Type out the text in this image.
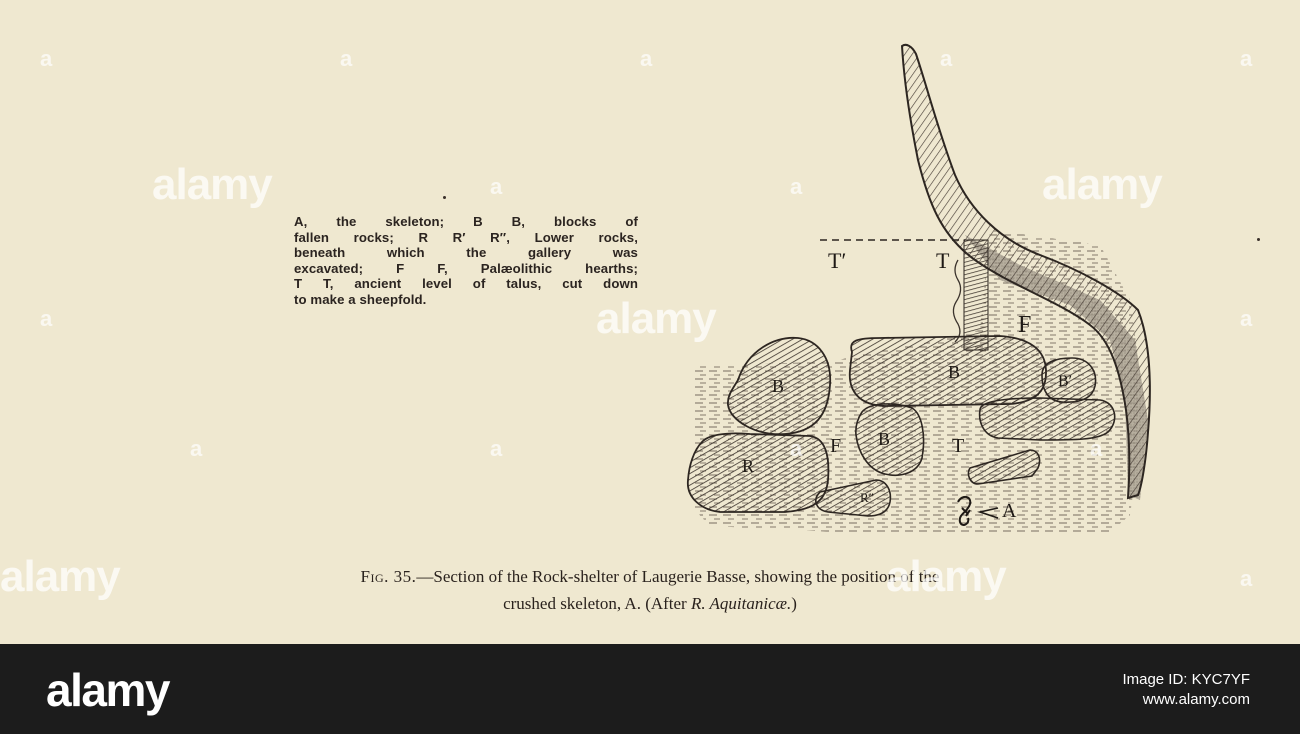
A, the skeleton; B B, blocks of
fallen rocks; R R′ R″, Lower rocks,
beneath which the gallery was
excavated; F F, Palæolithic hearths;
T T, ancient level of talus, cut down
to make a sheepfold.
T′	T
F
B
B	B′
B
F	T
R
R″
A
Fig. 35.—Section of the Rock-shelter of Laugerie Basse, showing the position of the
crushed skeleton, A. (After R. Aquitanicæ.)
alamy	alamy
alamy
alamy	alamy
a	a	a	a	a
a	a
a	a
a	a	a	a
a
alamy	Image ID: KYC7YF
www.alamy.com
